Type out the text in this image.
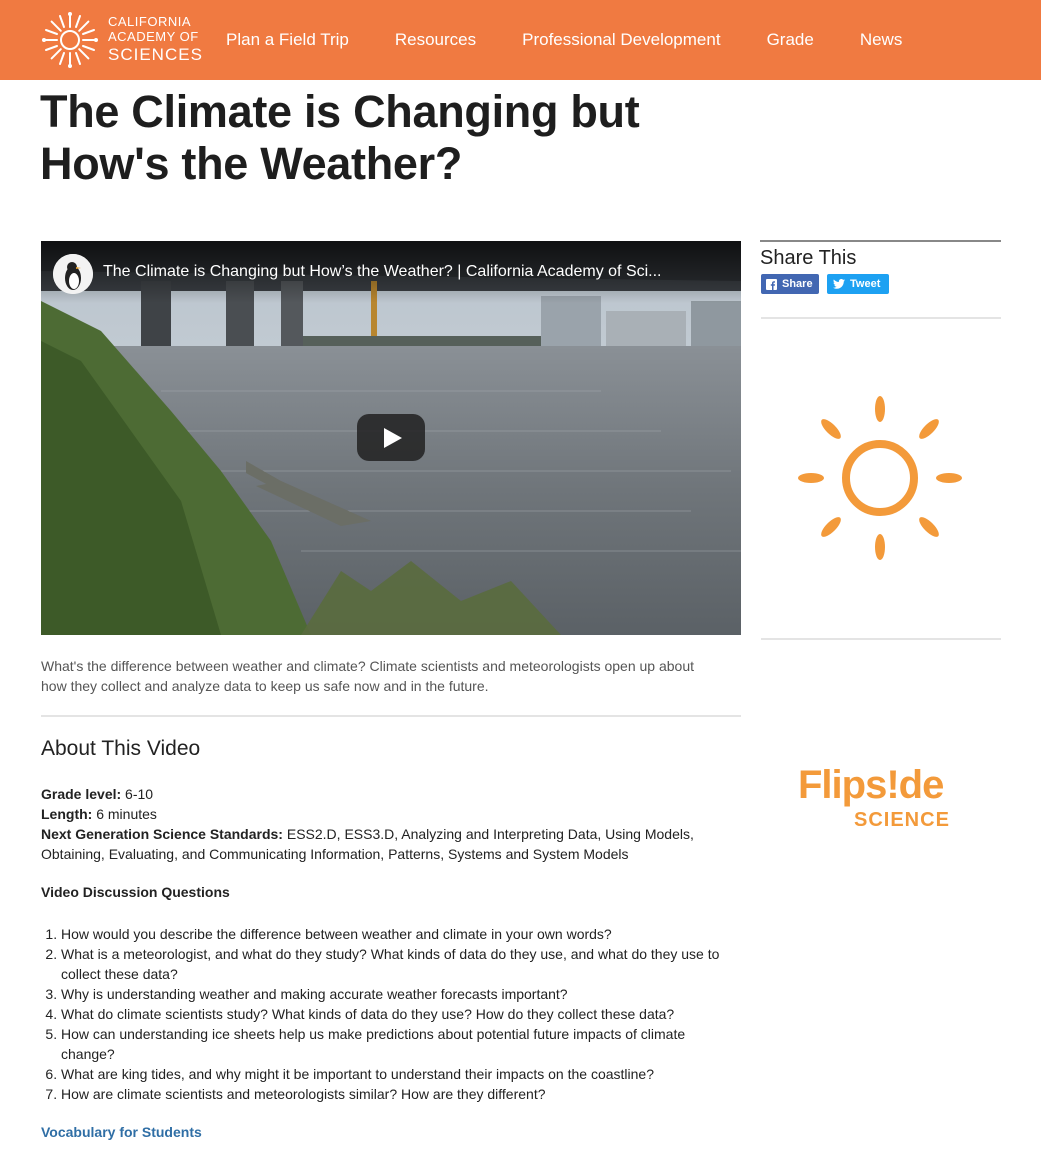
CALIFORNIA
ACADEMY OF
SCIENCES
Plan a Field Trip	Resources	Professional Development	Grade	News
The Climate is Changing but How's the Weather?
The Climate is Changing but How’s the Weather? | California Academy of Sci...

What's the difference between weather and climate? Climate scientists and meteorologists open up about how they collect and analyze data to keep us safe now and in the future.

About This Video

Grade level: 6-10

Length: 6 minutes

Next Generation Science Standards: ESS2.D, ESS3.D, Analyzing and Interpreting Data, Using Models, Obtaining, Evaluating, and Communicating Information, Patterns, Systems and System Models

Video Discussion Questions
1. How would you describe the difference between weather and climate in your own words?
2. What is a meteorologist, and what do they study? What kinds of data do they use, and what do they use to collect these data?
3. Why is understanding weather and making accurate weather forecasts important?
4. What do climate scientists study? What kinds of data do they use? How do they collect these data?
5. How can understanding ice sheets help us make predictions about potential future impacts of climate change?
6. What are king tides, and why might it be important to understand their impacts on the coastline?
7. How are climate scientists and meteorologists similar? How are they different?
Vocabulary for Students
Share This
Share	Tweet
Flips!de
SCIENCE
